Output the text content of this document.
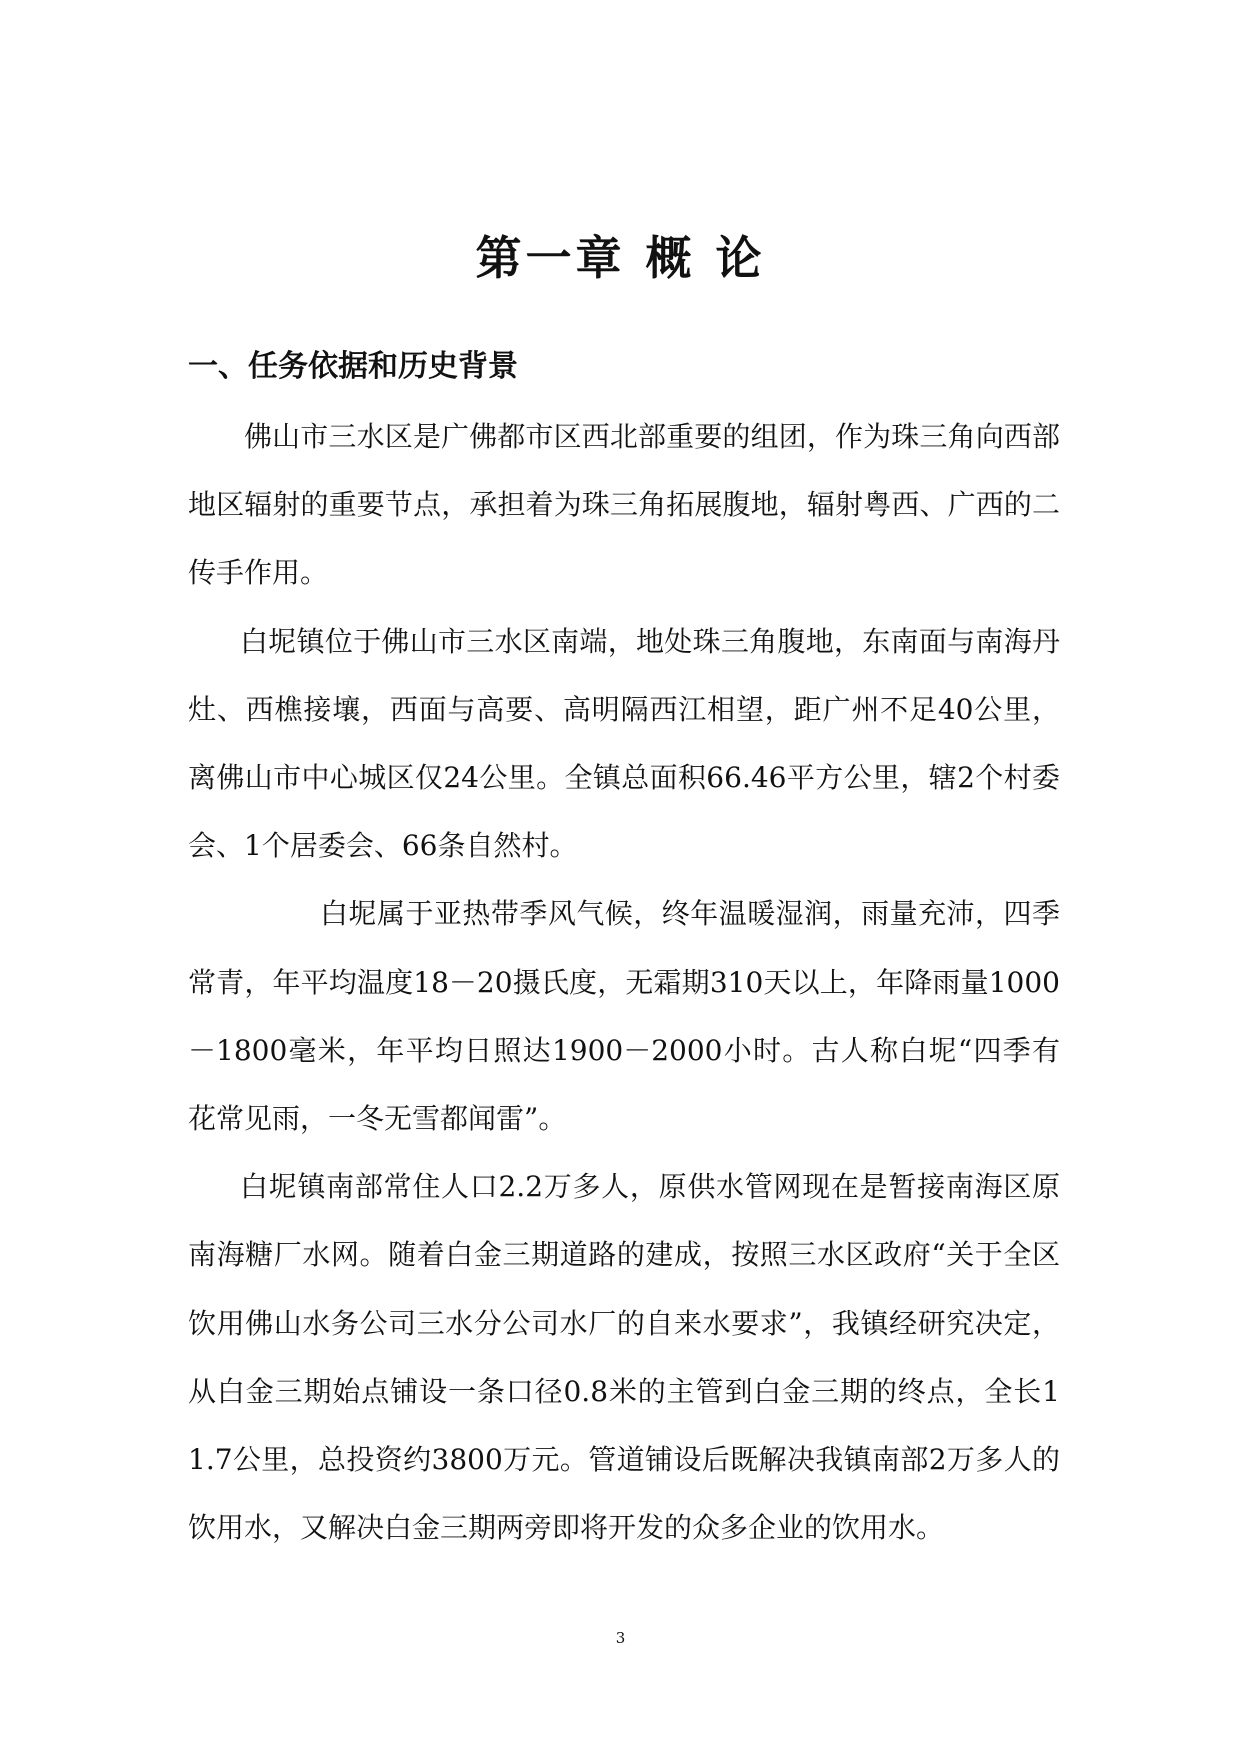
第一章 概 论
一、任务依据和历史背景

佛山市三水区是广佛都市区西北部重要的组团，作为珠三角向西部地区辐射的重要节点，承担着为珠三角拓展腹地，辐射粤西、广西的二传手作用。

白坭镇位于佛山市三水区南端，地处珠三角腹地，东南面与南海丹灶、西樵接壤，西面与高要、高明隔西江相望，距广州不足40公里，离佛山市中心城区仅24公里。全镇总面积66.46平方公里，辖2个村委会、1个居委会、66条自然村。

白坭属于亚热带季风气候，终年温暖湿润，雨量充沛，四季常青，年平均温度18－20摄氏度，无霜期310天以上，年降雨量1000－1800毫米，年平均日照达1900－2000小时。古人称白坭“四季有花常见雨，一冬无雪都闻雷”。

白坭镇南部常住人口2.2万多人，原供水管网现在是暂接南海区原南海糖厂水网。随着白金三期道路的建成，按照三水区政府“关于全区饮用佛山水务公司三水分公司水厂的自来水要求”，我镇经研究决定，从白金三期始点铺设一条口径0.8米的主管到白金三期的终点，全长11.7公里，总投资约3800万元。管道铺设后既解决我镇南部2万多人的饮用水，又解决白金三期两旁即将开发的众多企业的饮用水。

3
